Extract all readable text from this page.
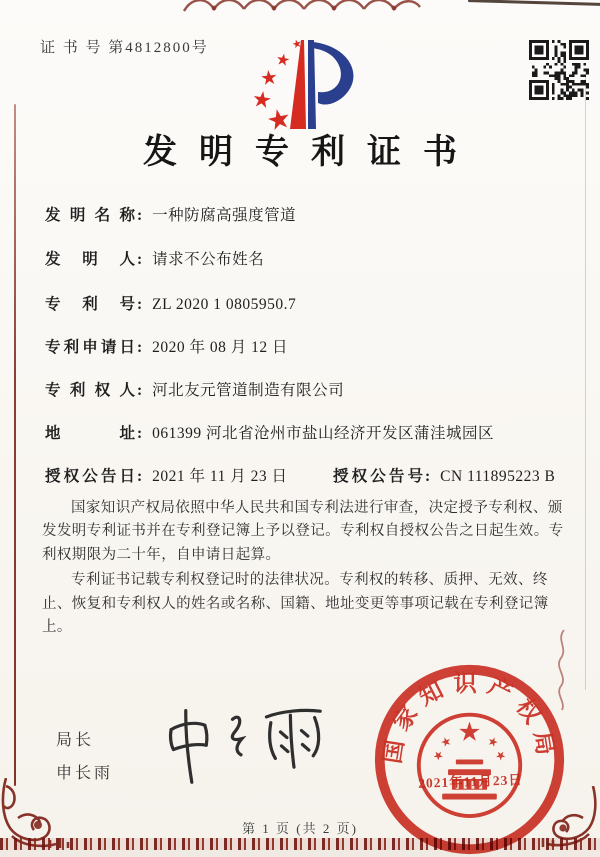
证 书 号 第4812800号
发明专利证书
发明名称 : 一种防腐高强度管道
发明人 : 请求不公布姓名
专利号 : ZL 2020 1 0805950.7
专利申请日 : 2020 年 08 月 12 日
专利权人 : 河北友元管道制造有限公司
地址 : 061399 河北省沧州市盐山经济开发区蒲洼城园区
授权公告日 : 2021 年 11 月 23 日	授权公告号 : CN 111895223 B

国家知识产权局依照中华人民共和国专利法进行审查，决定授予专利权、颁发发明专利证书并在专利登记簿上予以登记。专利权自授权公告之日起生效。专利权期限为二十年，自申请日起算。

专利证书记载专利权登记时的法律状况。专利权的转移、质押、无效、终止、恢复和专利权人的姓名或名称、国籍、地址变更等事项记载在专利登记簿上。

局长
申长雨
国家知识产权局
2021年11月23日
第 1 页 (共 2 页)
